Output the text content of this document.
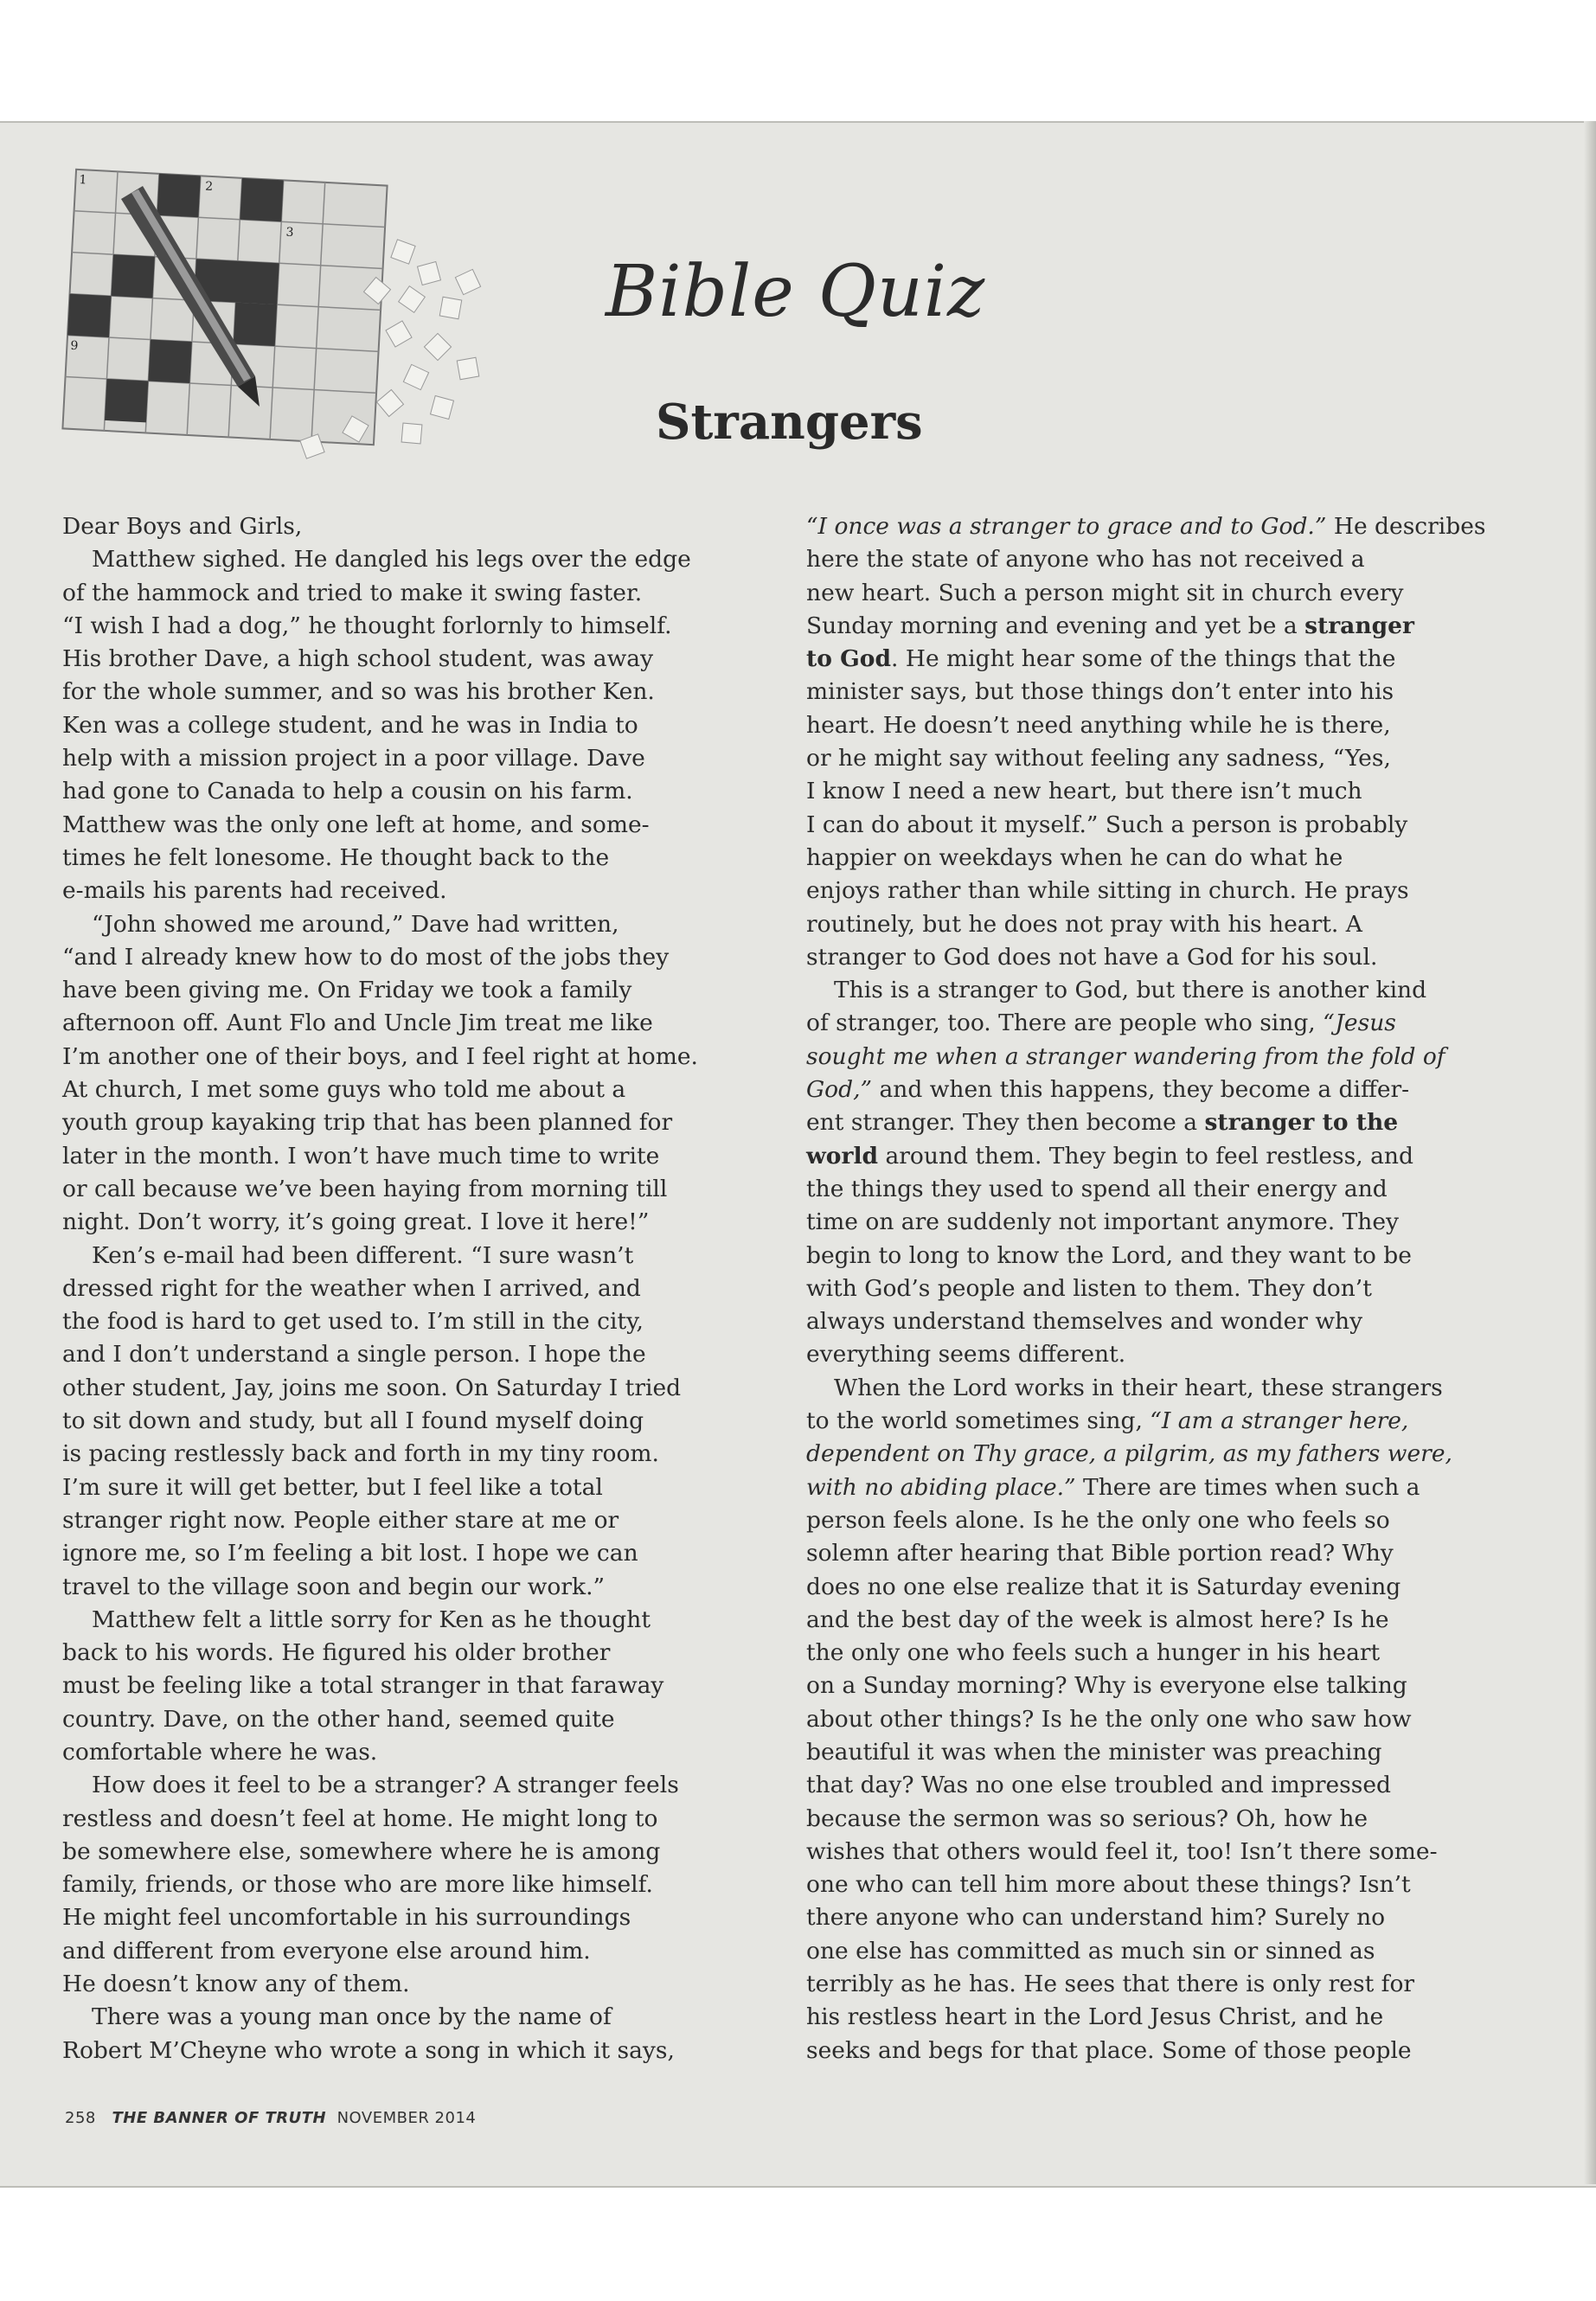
1	2
3
9
Bible Quiz
Strangers
Dear Boys and Girls,
Matthew sighed. He dangled his legs over the edge
of the hammock and tried to make it swing faster.
“I wish I had a dog,” he thought forlornly to himself.
His brother Dave, a high school student, was away
for the whole summer, and so was his brother Ken.
Ken was a college student, and he was in India to
help with a mission project in a poor village. Dave
had gone to Canada to help a cousin on his farm.
Matthew was the only one left at home, and some-
times he felt lonesome. He thought back to the
e-mails his parents had received.
“John showed me around,” Dave had written,
“and I already knew how to do most of the jobs they
have been giving me. On Friday we took a family
afternoon off. Aunt Flo and Uncle Jim treat me like
I’m another one of their boys, and I feel right at home.
At church, I met some guys who told me about a
youth group kayaking trip that has been planned for
later in the month. I won’t have much time to write
or call because we’ve been haying from morning till
night. Don’t worry, it’s going great. I love it here!”
Ken’s e-mail had been different. “I sure wasn’t
dressed right for the weather when I arrived, and
the food is hard to get used to. I’m still in the city,
and I don’t understand a single person. I hope the
other student, Jay, joins me soon. On Saturday I tried
to sit down and study, but all I found myself doing
is pacing restlessly back and forth in my tiny room.
I’m sure it will get better, but I feel like a total
stranger right now. People either stare at me or
ignore me, so I’m feeling a bit lost. I hope we can
travel to the village soon and begin our work.”
Matthew felt a little sorry for Ken as he thought
back to his words. He figured his older brother
must be feeling like a total stranger in that faraway
country. Dave, on the other hand, seemed quite
comfortable where he was.
How does it feel to be a stranger? A stranger feels
restless and doesn’t feel at home. He might long to
be somewhere else, somewhere where he is among
family, friends, or those who are more like himself.
He might feel uncomfortable in his surroundings
and different from everyone else around him.
He doesn’t know any of them.
There was a young man once by the name of
Robert M’Cheyne who wrote a song in which it says,
“I once was a stranger to grace and to God.” He describes
here the state of anyone who has not received a
new heart. Such a person might sit in church every
Sunday morning and evening and yet be a stranger
to God. He might hear some of the things that the
minister says, but those things don’t enter into his
heart. He doesn’t need anything while he is there,
or he might say without feeling any sadness, “Yes,
I know I need a new heart, but there isn’t much
I can do about it myself.” Such a person is probably
happier on weekdays when he can do what he
enjoys rather than while sitting in church. He prays
routinely, but he does not pray with his heart. A
stranger to God does not have a God for his soul.
This is a stranger to God, but there is another kind
of stranger, too. There are people who sing, “Jesus
sought me when a stranger wandering from the fold of
God,” and when this happens, they become a differ-
ent stranger. They then become a stranger to the
world around them. They begin to feel restless, and
the things they used to spend all their energy and
time on are suddenly not important anymore. They
begin to long to know the Lord, and they want to be
with God’s people and listen to them. They don’t
always understand themselves and wonder why
everything seems different.
When the Lord works in their heart, these strangers
to the world sometimes sing, “I am a stranger here,
dependent on Thy grace, a pilgrim, as my fathers were,
with no abiding place.” There are times when such a
person feels alone. Is he the only one who feels so
solemn after hearing that Bible portion read? Why
does no one else realize that it is Saturday evening
and the best day of the week is almost here? Is he
the only one who feels such a hunger in his heart
on a Sunday morning? Why is everyone else talking
about other things? Is he the only one who saw how
beautiful it was when the minister was preaching
that day? Was no one else troubled and impressed
because the sermon was so serious? Oh, how he
wishes that others would feel it, too! Isn’t there some-
one who can tell him more about these things? Isn’t
there anyone who can understand him? Surely no
one else has committed as much sin or sinned as
terribly as he has. He sees that there is only rest for
his restless heart in the Lord Jesus Christ, and he
seeks and begs for that place. Some of those people
258 THE BANNER OF TRUTH NOVEMBER 2014
